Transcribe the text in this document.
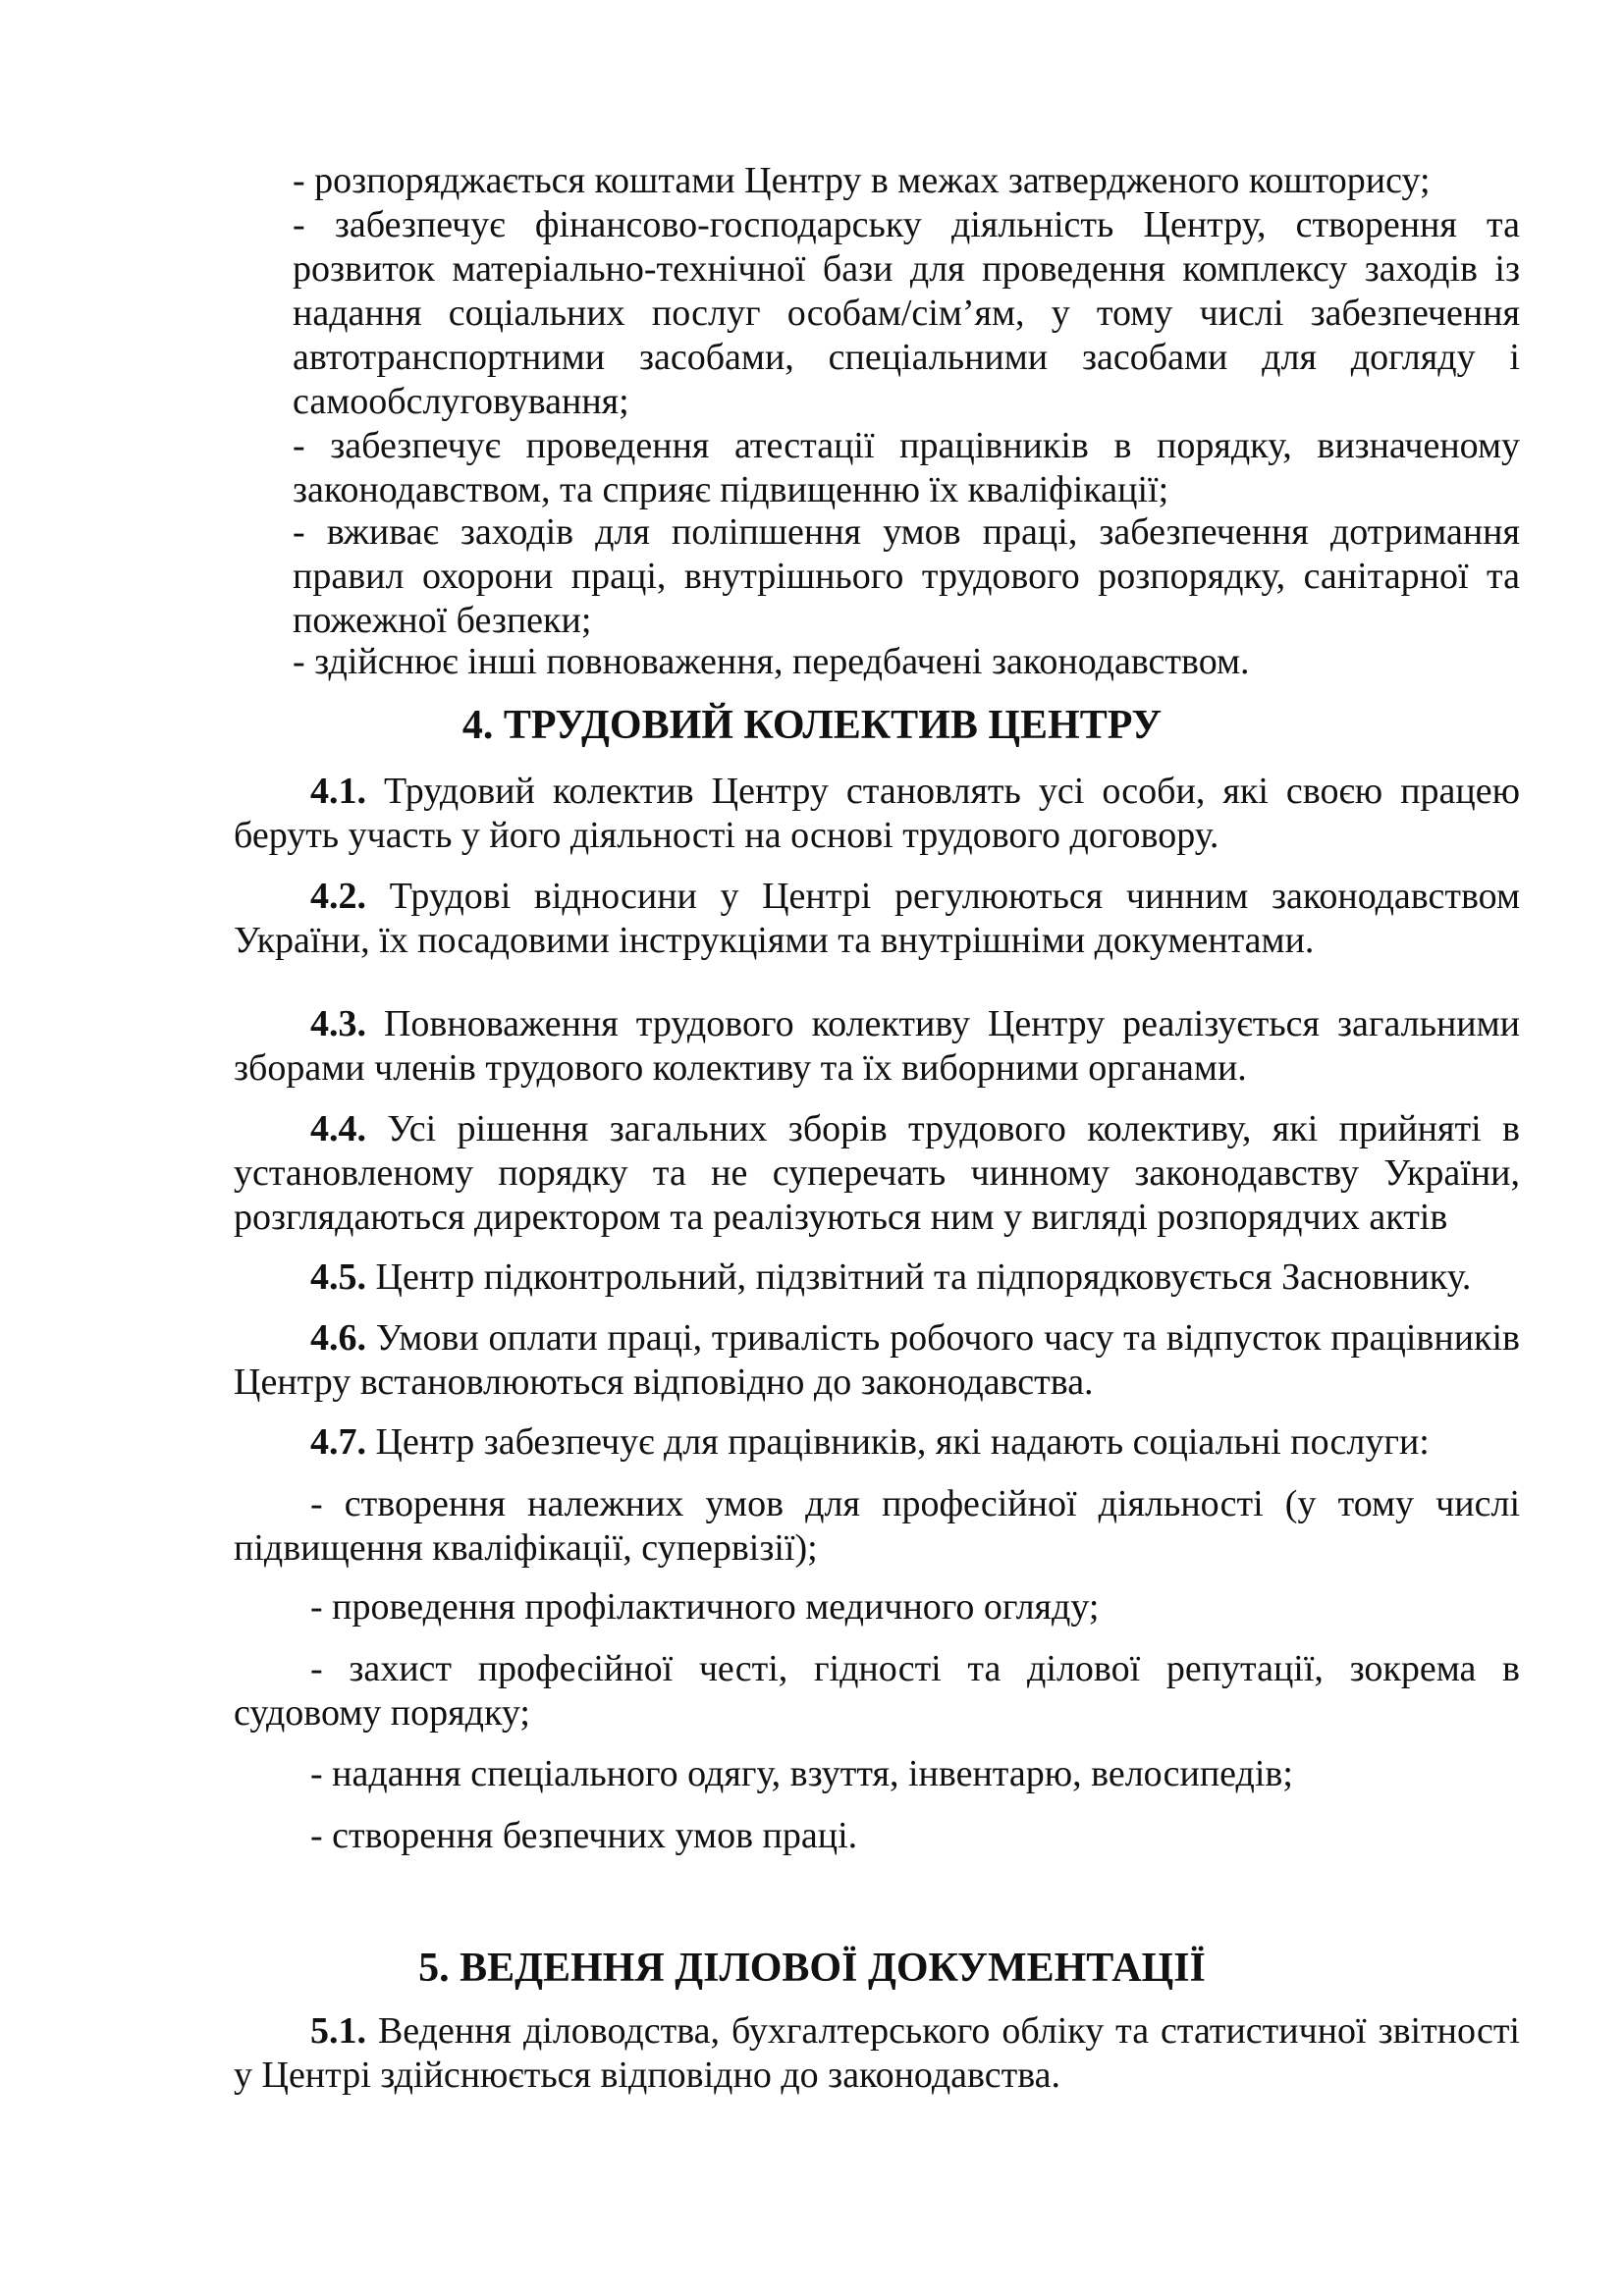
- розпоряджається коштами Центру в межах затвердженого кошторису;

- забезпечує фінансово-господарську діяльність Центру, створення та розвиток матеріально-технічної бази для проведення комплексу заходів із надання соціальних послуг особам/сім’ям, у тому числі забезпечення автотранспортними засобами, спеціальними засобами для догляду і самообслуговування;

- забезпечує проведення атестації працівників в порядку, визначеному законодавством, та сприяє підвищенню їх кваліфікації;

- вживає заходів для поліпшення умов праці, забезпечення дотримання правил охорони праці, внутрішнього трудового розпорядку, санітарної та пожежної безпеки;

- здійснює інші повноваження, передбачені законодавством.

4. ТРУДОВИЙ КОЛЕКТИВ ЦЕНТРУ

4.1. Трудовий колектив Центру становлять усі особи, які своєю працею беруть участь у його діяльності на основі трудового договору.

4.2. Трудові відносини у Центрі регулюються чинним законодавством України, їх посадовими інструкціями та внутрішніми документами.

4.3. Повноваження трудового колективу Центру реалізується загальними зборами членів трудового колективу та їх виборними органами.

4.4. Усі рішення загальних зборів трудового колективу, які прийняті в установленому порядку та не суперечать чинному законодавству України, розглядаються директором та реалізуються ним у вигляді розпорядчих актів

4.5. Центр підконтрольний, підзвітний та підпорядковується Засновнику.

4.6. Умови оплати праці, тривалість робочого часу та відпусток працівників Центру встановлюються відповідно до законодавства.

4.7. Центр забезпечує для працівників, які надають соціальні послуги:

- створення належних умов для професійної діяльності (у тому числі підвищення кваліфікації, супервізії);

- проведення профілактичного медичного огляду;

- захист професійної честі, гідності та ділової репутації, зокрема в судовому порядку;

- надання спеціального одягу, взуття, інвентарю, велосипедів;

- створення безпечних умов праці.

5. ВЕДЕННЯ ДІЛОВОЇ ДОКУМЕНТАЦІЇ

5.1. Ведення діловодства, бухгалтерського обліку та статистичної звітності у Центрі здійснюється відповідно до законодавства.
